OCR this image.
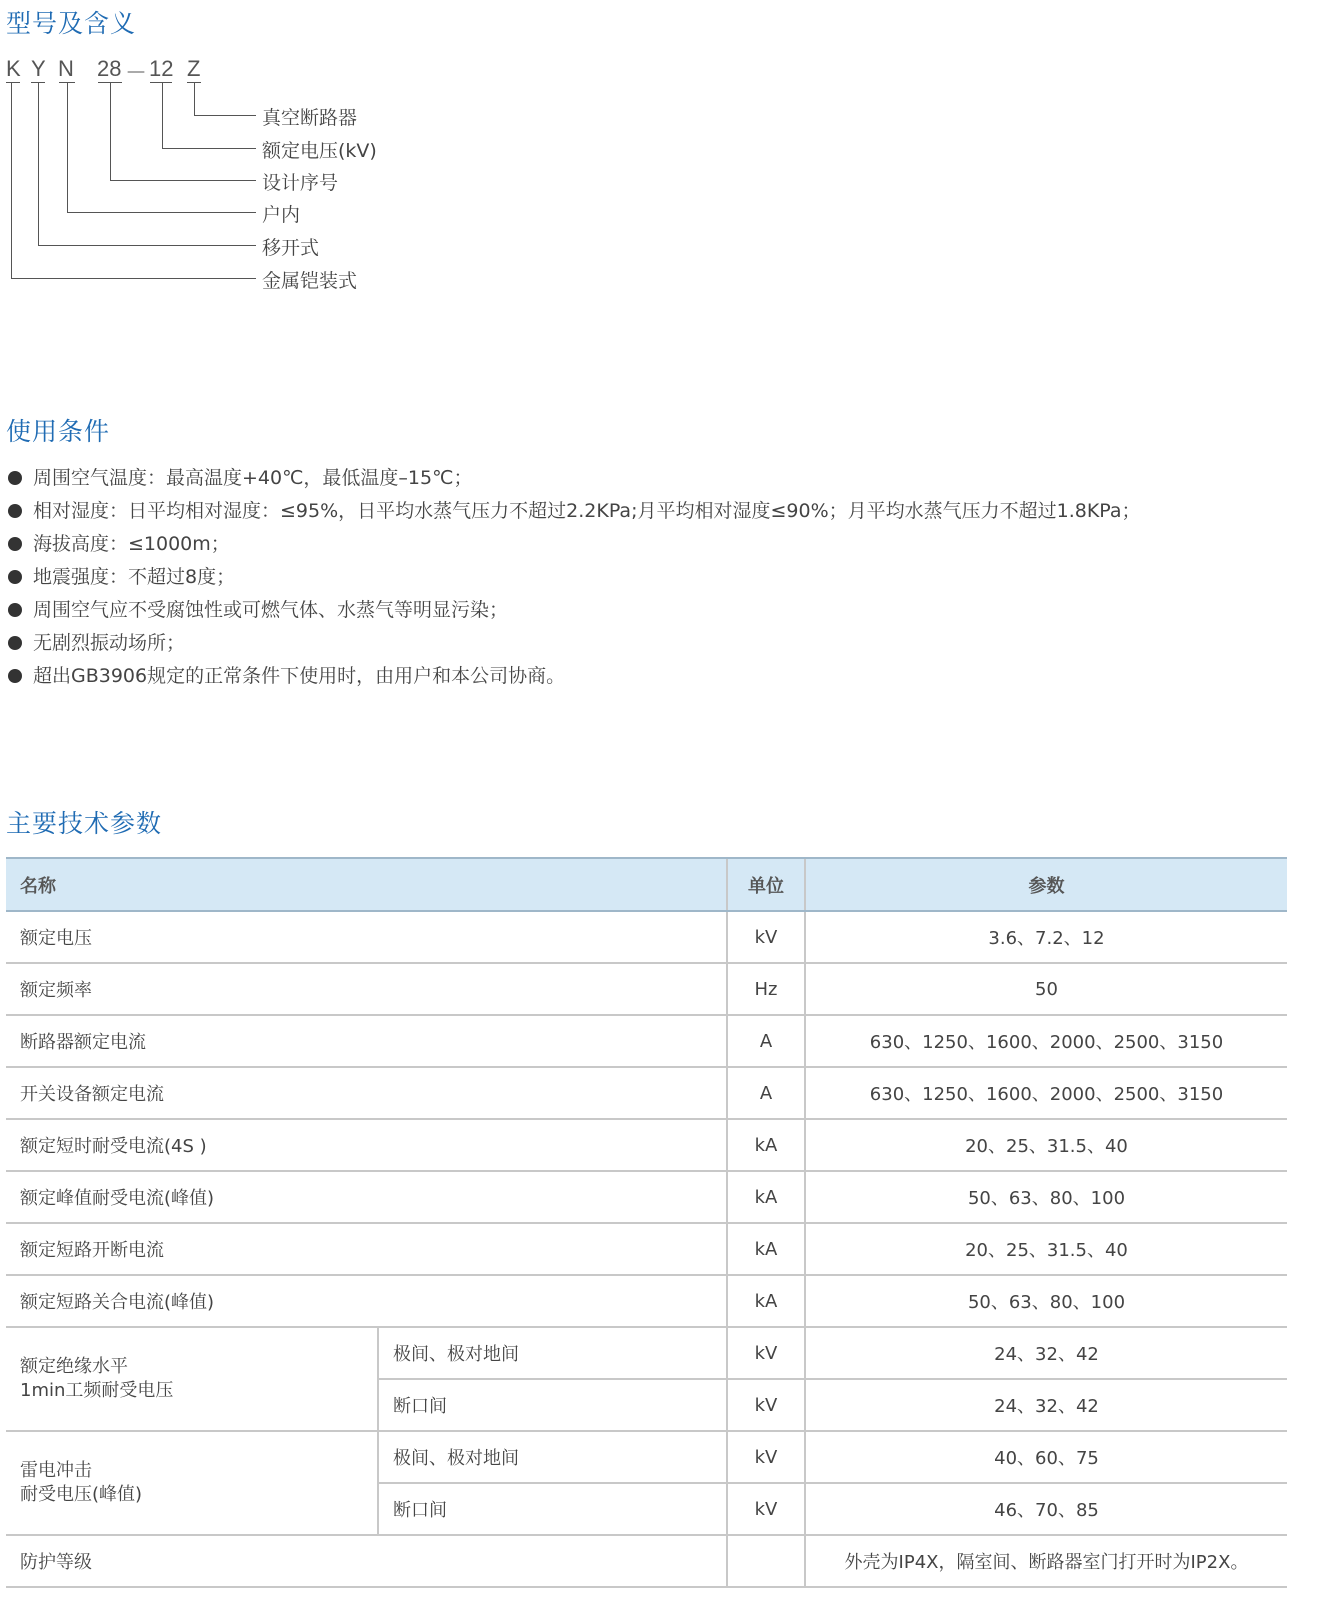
型号及含义
使用条件
主要技术参数
K Y N 28 － 12 Z
真空断路器
额定电压(kV)
设计序号
户内
移开式
金属铠装式
周围空气温度：最高温度+40℃，最低温度–15℃；
相对湿度：日平均相对湿度：≤95%，日平均水蒸气压力不超过2.2KPa;月平均相对湿度≤90%；月平均水蒸气压力不超过1.8KPa；
海拔高度：≤1000m；
地震强度：不超过8度；
周围空气应不受腐蚀性或可燃气体、水蒸气等明显污染；
无剧烈振动场所；
超出GB3906规定的正常条件下使用时，由用户和本公司协商。
名称		单位	参数
额定电压		kV	3.6、7.2、12
额定频率		Hz	50
断路器额定电流		A	630、1250、1600、2000、2500、3150
开关设备额定电流		A	630、1250、1600、2000、2500、3150
额定短时耐受电流(4S )		kA	20、25、31.5、40
额定峰值耐受电流(峰值)		kA	50、63、80、100
额定短路开断电流		kA	20、25、31.5、40
额定短路关合电流(峰值)		kA	50、63、80、100

额定绝缘水平
1min工频耐受电压	极间、极对地间	kV	24、32、42
	断口间	kV	24、32、42

雷电冲击
耐受电压(峰值)	极间、极对地间	kV	40、60、75
	断口间	kV	46、70、85
防护等级			外壳为IP4X，隔室间、断路器室门打开时为IP2X。
